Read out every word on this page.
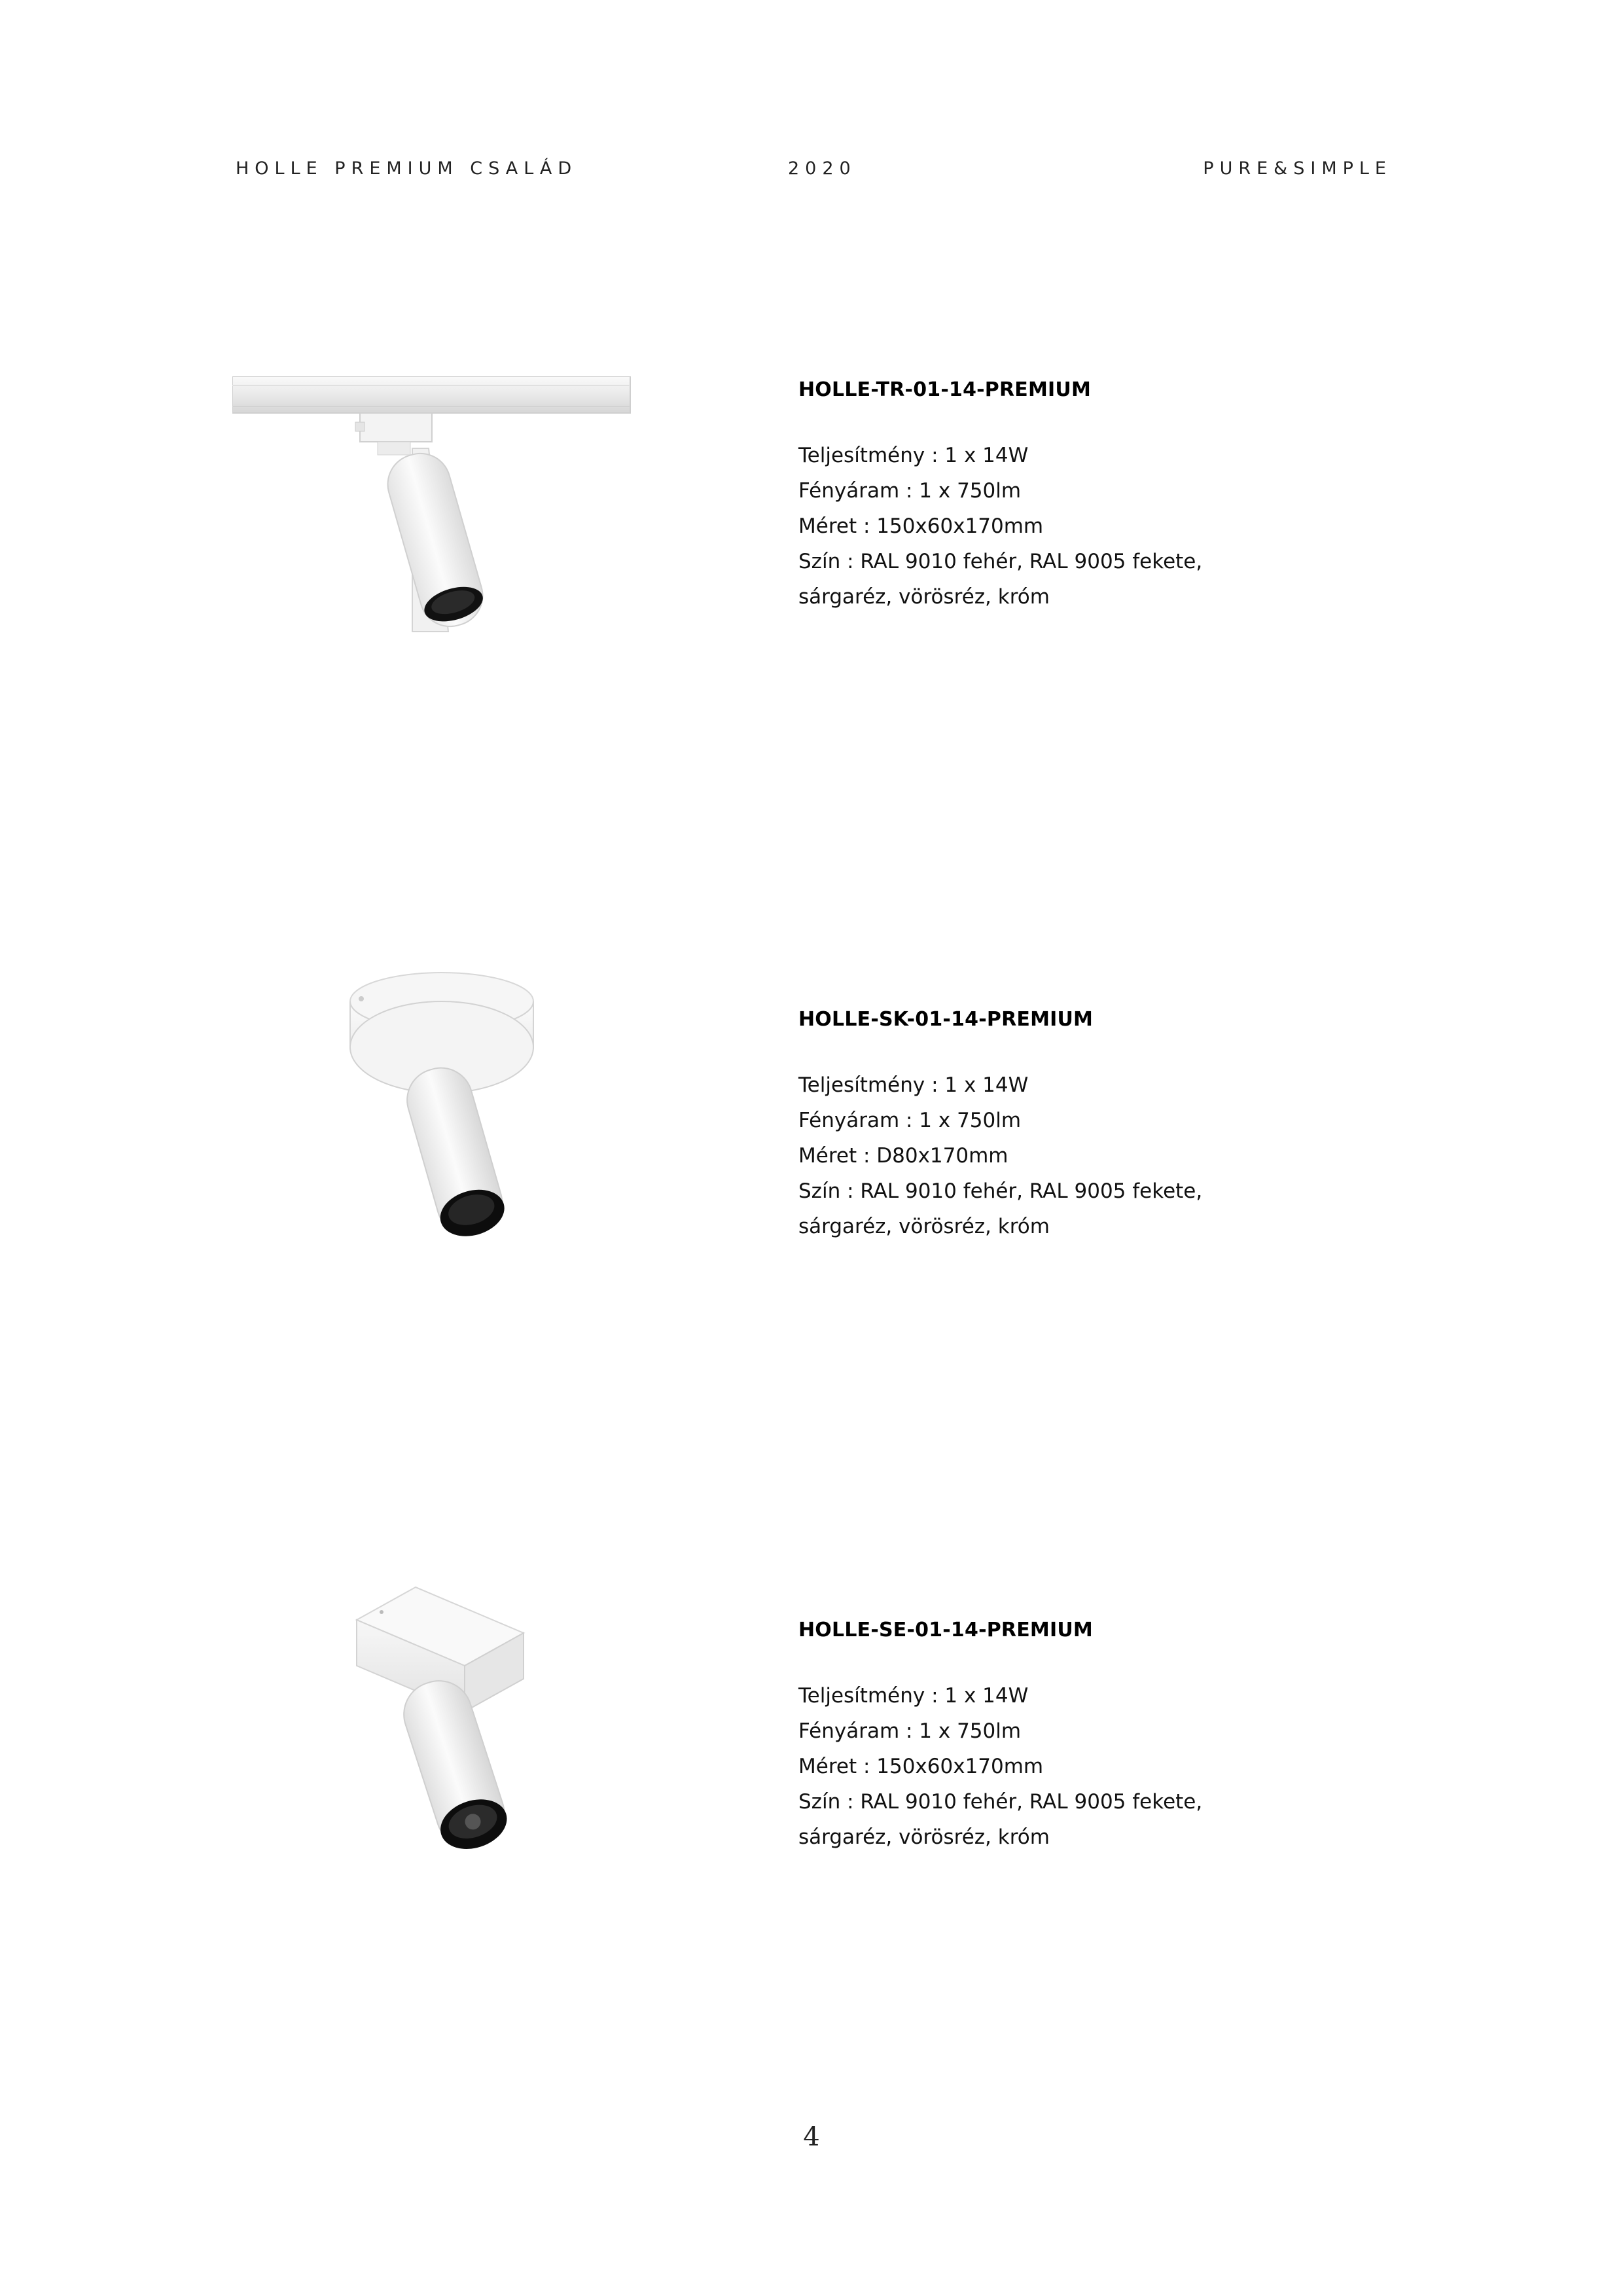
HOLLE PREMIUM CSALÁD	2020	PURE&SIMPLE
HOLLE-TR-01-14-PREMIUM

Teljesítmény : 1 x 14W

Fényáram : 1 x 750lm

Méret : 150x60x170mm

Szín : RAL 9010 fehér, RAL 9005 fekete,

sárgaréz, vörösréz, króm

HOLLE-SK-01-14-PREMIUM

Teljesítmény : 1 x 14W

Fényáram : 1 x 750lm

Méret : D80x170mm

Szín : RAL 9010 fehér, RAL 9005 fekete,

sárgaréz, vörösréz, króm

HOLLE-SE-01-14-PREMIUM

Teljesítmény : 1 x 14W

Fényáram : 1 x 750lm

Méret : 150x60x170mm

Szín : RAL 9010 fehér, RAL 9005 fekete,

sárgaréz, vörösréz, króm

4
